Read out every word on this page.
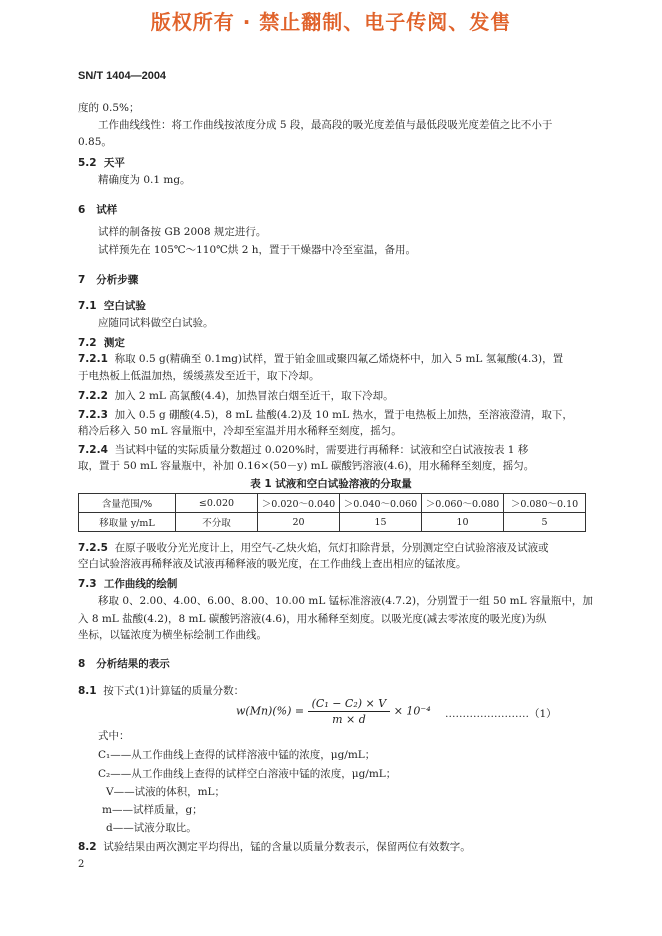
版权所有 · 禁止翻制、电子传阅、发售
SN/T 1404—2004
度的 0.5%；
工作曲线线性：将工作曲线按浓度分成 5 段，最高段的吸光度差值与最低段吸光度差值之比不小于
0.85。
5.2 天平
精确度为 0.1 mg。
6 试样
试样的制备按 GB 2008 规定进行。
试样预先在 105℃～110℃烘 2 h，置于干燥器中冷至室温，备用。
7 分析步骤
7.1 空白试验
应随同试料做空白试验。
7.2 测定
7.2.1 称取 0.5 g(精确至 0.1mg)试样，置于铂金皿或聚四氟乙烯烧杯中，加入 5 mL 氢氟酸(4.3)，置
于电热板上低温加热，缓缓蒸发至近干，取下冷却。
7.2.2 加入 2 mL 高氯酸(4.4)，加热冒浓白烟至近干，取下冷却。
7.2.3 加入 0.5 g 硼酸(4.5)，8 mL 盐酸(4.2)及 10 mL 热水，置于电热板上加热，至溶液澄清，取下，
稍冷后移入 50 mL 容量瓶中，冷却至室温并用水稀释至刻度，摇匀。
7.2.4 当试料中锰的实际质量分数超过 0.020%时，需要进行再稀释：试液和空白试液按表 1 移
取，置于 50 mL 容量瓶中，补加 0.16×(50－y) mL 碳酸钙溶液(4.6)，用水稀释至刻度，摇匀。
表 1 试液和空白试验溶液的分取量
含量范围/%	≤0.020	＞0.020～0.040	＞0.040～0.060	＞0.060～0.080	＞0.080～0.10
移取量 y/mL	不分取	20	15	10	5
7.2.5 在原子吸收分光光度计上，用空气-乙炔火焰，氘灯扣除背景，分别测定空白试验溶液及试液或
空白试验溶液再稀释液及试液再稀释液的吸光度，在工作曲线上查出相应的锰浓度。
7.3 工作曲线的绘制
移取 0、2.00、4.00、6.00、8.00、10.00 mL 锰标准溶液(4.7.2)，分别置于一组 50 mL 容量瓶中，加
入 8 mL 盐酸(4.2)，8 mL 碳酸钙溶液(4.6)，用水稀释至刻度。以吸光度(减去零浓度的吸光度)为纵
坐标，以锰浓度为横坐标绘制工作曲线。
8 分析结果的表示
8.1 按下式(1)计算锰的质量分数：
$w(Mn)(\%) = \frac{\text{(C₁ − C₂) × V}}{m \times d} \times 10^{-4}$ ……………………（1）
式中：
C₁——从工作曲线上查得的试样溶液中锰的浓度，μg/mL；
C₂——从工作曲线上查得的试样空白溶液中锰的浓度，μg/mL；
V——试液的体积，mL；
m——试样质量，g；
d——试液分取比。
8.2 试验结果由两次测定平均得出，锰的含量以质量分数表示，保留两位有效数字。
2
